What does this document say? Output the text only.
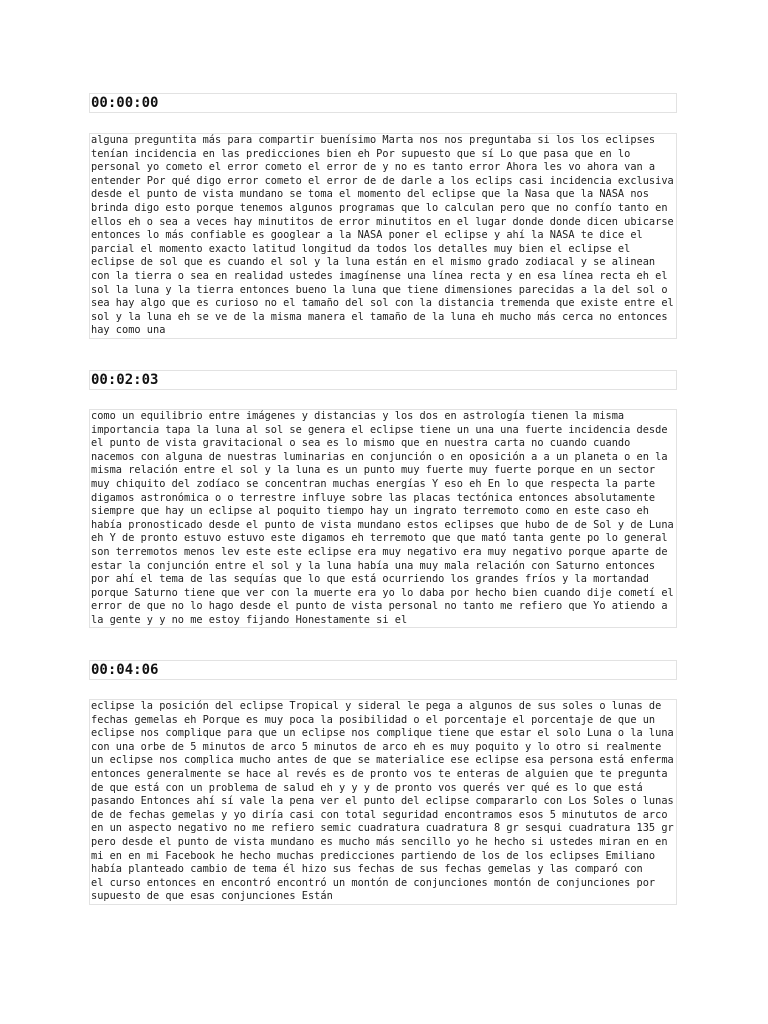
00:00:00
alguna preguntita más para compartir buenísimo Marta nos nos preguntaba si los los eclipses
tenían incidencia en las predicciones bien eh Por supuesto que sí Lo que pasa que en lo
personal yo cometo el error cometo el error de y no es tanto error Ahora les vo ahora van a
entender Por qué digo error cometo el error de de darle a los eclips casi incidencia exclusiva
desde el punto de vista mundano se toma el momento del eclipse que la Nasa que la NASA nos
brinda digo esto porque tenemos algunos programas que lo calculan pero que no confío tanto en
ellos eh o sea a veces hay minutitos de error minutitos en el lugar donde donde dicen ubicarse
entonces lo más confiable es googlear a la NASA poner el eclipse y ahí la NASA te dice el
parcial el momento exacto latitud longitud da todos los detalles muy bien el eclipse el
eclipse de sol que es cuando el sol y la luna están en el mismo grado zodiacal y se alinean
con la tierra o sea en realidad ustedes imagínense una línea recta y en esa línea recta eh el
sol la luna y la tierra entonces bueno la luna que tiene dimensiones parecidas a la del sol o
sea hay algo que es curioso no el tamaño del sol con la distancia tremenda que existe entre el
sol y la luna eh se ve de la misma manera el tamaño de la luna eh mucho más cerca no entonces
hay como una
00:02:03
como un equilibrio entre imágenes y distancias y los dos en astrología tienen la misma
importancia tapa la luna al sol se genera el eclipse tiene un una una fuerte incidencia desde
el punto de vista gravitacional o sea es lo mismo que en nuestra carta no cuando cuando
nacemos con alguna de nuestras luminarias en conjunción o en oposición a a un planeta o en la
misma relación entre el sol y la luna es un punto muy fuerte muy fuerte porque en un sector
muy chiquito del zodíaco se concentran muchas energías Y eso eh En lo que respecta la parte
digamos astronómica o o terrestre influye sobre las placas tectónica entonces absolutamente
siempre que hay un eclipse al poquito tiempo hay un ingrato terremoto como en este caso eh
había pronosticado desde el punto de vista mundano estos eclipses que hubo de de Sol y de Luna
eh Y de pronto estuvo estuvo este digamos eh terremoto que que mató tanta gente po lo general
son terremotos menos lev este este eclipse era muy negativo era muy negativo porque aparte de
estar la conjunción entre el sol y la luna había una muy mala relación con Saturno entonces
por ahí el tema de las sequías que lo que está ocurriendo los grandes fríos y la mortandad
porque Saturno tiene que ver con la muerte era yo lo daba por hecho bien cuando dije cometí el
error de que no lo hago desde el punto de vista personal no tanto me refiero que Yo atiendo a
la gente y y no me estoy fijando Honestamente si el
00:04:06
eclipse la posición del eclipse Tropical y sideral le pega a algunos de sus soles o lunas de
fechas gemelas eh Porque es muy poca la posibilidad o el porcentaje el porcentaje de que un
eclipse nos complique para que un eclipse nos complique tiene que estar el solo Luna o la luna
con una orbe de 5 minutos de arco 5 minutos de arco eh es muy poquito y lo otro si realmente
un eclipse nos complica mucho antes de que se materialice ese eclipse esa persona está enferma
entonces generalmente se hace al revés es de pronto vos te enteras de alguien que te pregunta
de que está con un problema de salud eh y y y de pronto vos querés ver qué es lo que está
pasando Entonces ahí sí vale la pena ver el punto del eclipse compararlo con Los Soles o lunas
de de fechas gemelas y yo diría casi con total seguridad encontramos esos 5 minututos de arco
en un aspecto negativo no me refiero semic cuadratura cuadratura 8 gr sesqui cuadratura 135 gr
pero desde el punto de vista mundano es mucho más sencillo yo he hecho si ustedes miran en en
mi en en mi Facebook he hecho muchas predicciones partiendo de los de los eclipses Emiliano
había planteado cambio de tema él hizo sus fechas de sus fechas gemelas y las comparó con
el curso entonces en encontró encontró un montón de conjunciones montón de conjunciones por
supuesto de que esas conjunciones Están
